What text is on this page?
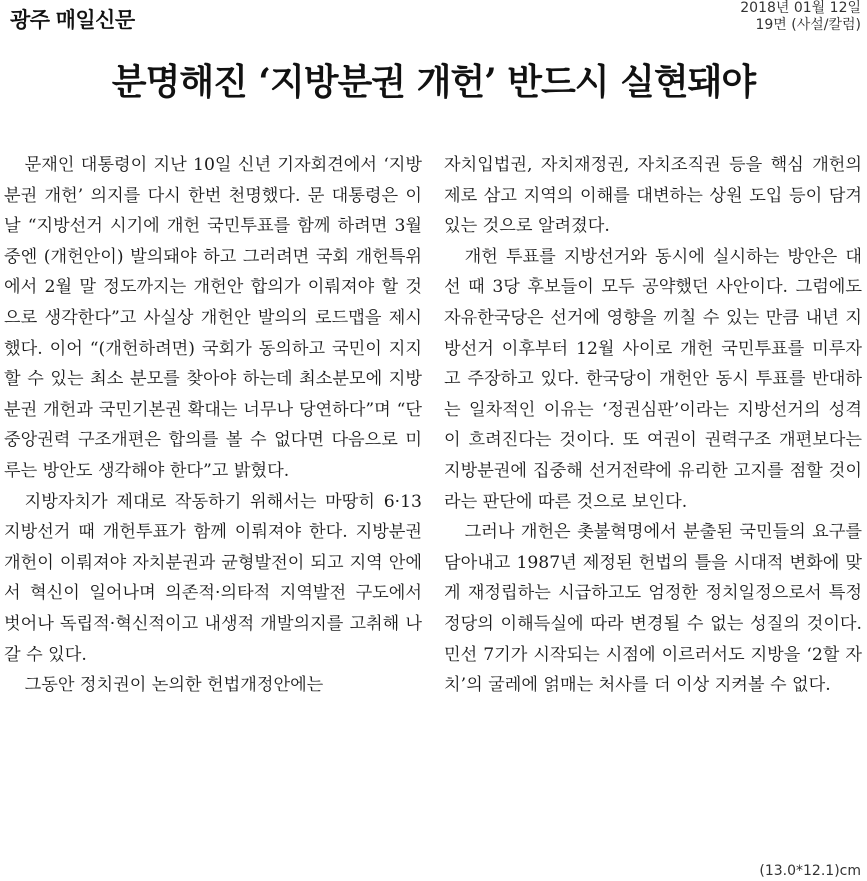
광주 매일신문	2018년 01월 12일
19면 (사설/칼럼)
분명해진 ‘지방분권 개헌’ 반드시 실현돼야

문재인 대통령이 지난 10일 신년 기자회견에서 ‘지방분권 개헌’ 의지를 다시 한번 천명했다. 문 대통령은 이날 “지방선거 시기에 개헌 국민투표를 함께 하려면 3월 중엔 (개헌안이) 발의돼야 하고 그러려면 국회 개헌특위에서 2월 말 정도까지는 개헌안 합의가 이뤄져야 할 것으로 생각한다”고 사실상 개헌안 발의의 로드맵을 제시했다. 이어 “(개헌하려면) 국회가 동의하고 국민이 지지할 수 있는 최소 분모를 찾아야 하는데 최소분모에 지방분권 개헌과 국민기본권 확대는 너무나 당연하다”며 “단 중앙권력 구조개편은 합의를 볼 수 없다면 다음으로 미루는 방안도 생각해야 한다”고 밝혔다.

지방자치가 제대로 작동하기 위해서는 마땅히 6·13 지방선거 때 개헌투표가 함께 이뤄져야 한다. 지방분권 개헌이 이뤄져야 자치분권과 균형발전이 되고 지역 안에서 혁신이 일어나며 의존적·의타적 지역발전 구도에서 벗어나 독립적·혁신적이고 내생적 개발의지를 고취해 나갈 수 있다.

그동안 정치권이 논의한 헌법개정안에는

자치입법권, 자치재정권, 자치조직권 등을 핵심 개헌의제로 삼고 지역의 이해를 대변하는 상원 도입 등이 담겨있는 것으로 알려졌다.

개헌 투표를 지방선거와 동시에 실시하는 방안은 대선 때 3당 후보들이 모두 공약했던 사안이다. 그럼에도 자유한국당은 선거에 영향을 끼칠 수 있는 만큼 내년 지방선거 이후부터 12월 사이로 개헌 국민투표를 미루자고 주장하고 있다. 한국당이 개헌안 동시 투표를 반대하는 일차적인 이유는 ‘정권심판’이라는 지방선거의 성격이 흐려진다는 것이다. 또 여권이 권력구조 개편보다는 지방분권에 집중해 선거전략에 유리한 고지를 점할 것이라는 판단에 따른 것으로 보인다.

그러나 개헌은 촛불혁명에서 분출된 국민들의 요구를 담아내고 1987년 제정된 헌법의 틀을 시대적 변화에 맞게 재정립하는 시급하고도 엄정한 정치일정으로서 특정 정당의 이해득실에 따라 변경될 수 없는 성질의 것이다. 민선 7기가 시작되는 시점에 이르러서도 지방을 ‘2할 자치’의 굴레에 얽매는 처사를 더 이상 지켜볼 수 없다.

(13.0*12.1)cm
